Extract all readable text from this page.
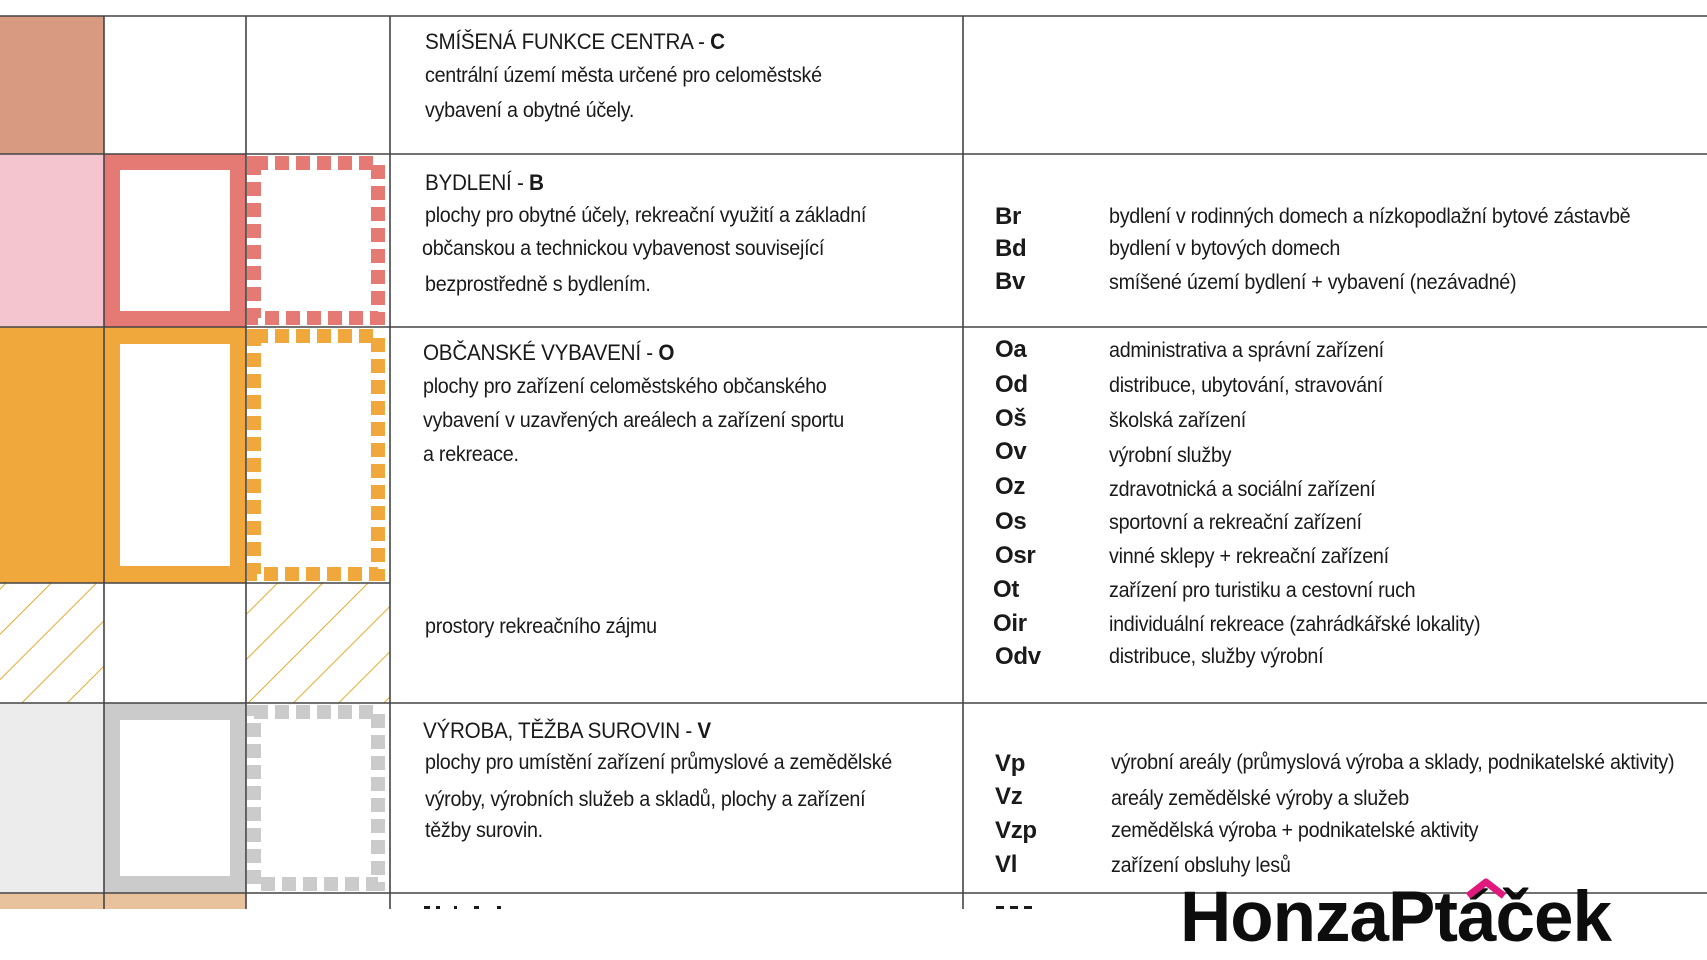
SMÍŠENÁ FUNKCE CENTRA - C
centrální území města určené pro celoměstské
vybavení a obytné účely.
BYDLENÍ - B
plochy pro obytné účely, rekreační využití a základní
občanskou a technickou vybavenost související
bezprostředně s bydlením.
Br	bydlení v rodinných domech a nízkopodlažní bytové zástavbě
Bd	bydlení v bytových domech
Bv	smíšené území bydlení + vybavení (nezávadné)
OBČANSKÉ VYBAVENÍ - O
plochy pro zařízení celoměstského občanského
vybavení v uzavřených areálech a zařízení sportu
a rekreace.
Oa	administrativa a správní zařízení
Od	distribuce, ubytování, stravování
Oš	školská zařízení
Ov	výrobní služby
Oz	zdravotnická a sociální zařízení
Os	sportovní a rekreační zařízení
Osr	vinné sklepy + rekreační zařízení
Ot	zařízení pro turistiku a cestovní ruch
Oir	individuální rekreace (zahrádkářské lokality)
Odv	distribuce, služby výrobní
prostory rekreačního zájmu
VÝROBA, TĚŽBA SUROVIN - V
plochy pro umístění zařízení průmyslové a zemědělské
výroby, výrobních služeb a skladů, plochy a zařízení
těžby surovin.
Vp	výrobní areály (průmyslová výroba a sklady, podnikatelské aktivity)
Vz	areály zemědělské výroby a služeb
Vzp	zemědělská výroba + podnikatelské aktivity
Vl	zařízení obsluhy lesů
HonzaPtáček
